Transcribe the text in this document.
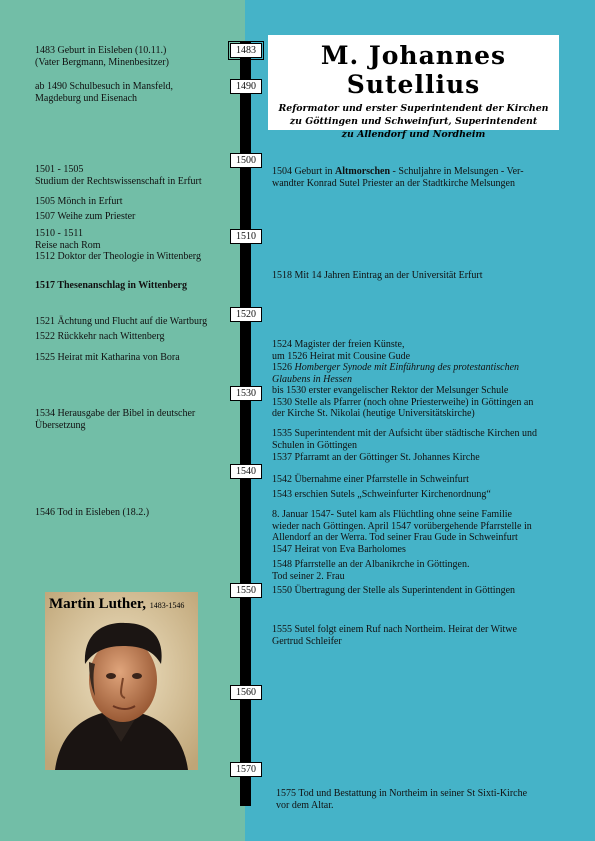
1483
1490
1500
1510
1520
1530
1540
1550
1560
1570
M. Johannes Sutellius
Reformator und erster Superintendent der Kirchen
zu Göttingen und Schweinfurt, Superintendent
zu Allendorf und Nordheim
1483 Geburt in Eisleben (10.11.)
(Vater Bergmann, Minenbesitzer)
ab 1490 Schulbesuch in Mansfeld,
Magdeburg und Eisenach
1501 - 1505
Studium der Rechtswissenschaft in Erfurt
1505 Mönch in Erfurt
1507 Weihe zum Priester
1510 - 1511
Reise nach Rom
1512 Doktor der Theologie in Wittenberg
1517 Thesenanschlag in Wittenberg
1521 Ächtung und Flucht auf die Wartburg
1522 Rückkehr nach Wittenberg
1525 Heirat mit Katharina von Bora
1534 Herausgabe der Bibel in deutscher
Übersetzung
1546 Tod in Eisleben (18.2.)
1504 Geburt in Altmorschen - Schuljahre in Melsungen - Ver-
wandter Konrad Sutel Priester an der Stadtkirche Melsungen
1518 Mit 14 Jahren Eintrag an der Universität Erfurt
1524 Magister der freien Künste,
um 1526 Heirat mit Cousine Gude
1526 Homberger Synode mit Einführung des protestantischen
Glaubens in Hessen
bis 1530 erster evangelischer Rektor der Melsunger Schule
1530 Stelle als Pfarrer (noch ohne Priesterweihe) in Göttingen an
der Kirche St. Nikolai (heutige Universitätskirche)
1535 Superintendent mit der Aufsicht über städtische Kirchen und
Schulen in Göttingen
1537 Pfarramt an der Göttinger St. Johannes Kirche
1542 Übernahme einer Pfarrstelle in Schweinfurt
1543 erschien Sutels „Schweinfurter Kirchenordnung“
8. Januar 1547- Sutel kam als Flüchtling ohne seine Familie
wieder nach Göttingen. April 1547 vorübergehende Pfarrstelle in
Allendorf an der Werra. Tod seiner Frau Gude in Schweinfurt
1547 Heirat von Eva Barholomes
1548 Pfarrstelle an der Albanikrche in Göttingen.
Tod seiner 2. Frau
1550 Übertragung der Stelle als Superintendent in Göttingen
1555 Sutel folgt einem Ruf nach Northeim. Heirat der Witwe
Gertrud Schleifer
1575 Tod und Bestattung in Northeim in seiner St Sixti-Kirche
vor dem Altar.
Martin Luther, 1483-1546
